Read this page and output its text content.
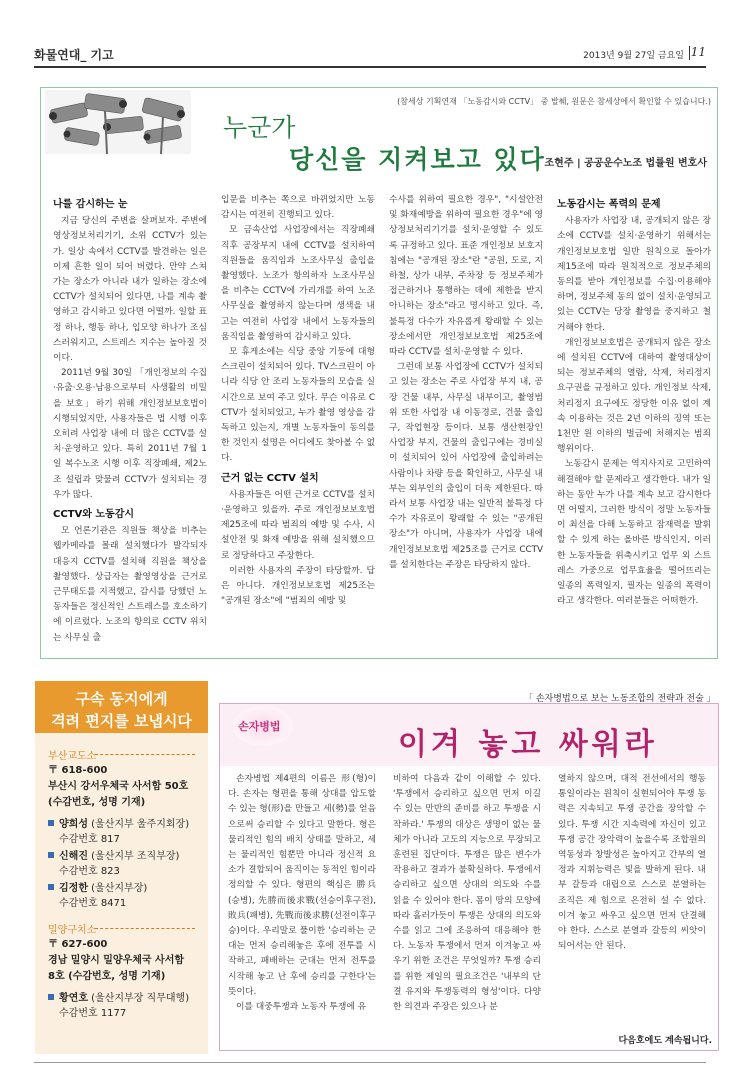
화물연대_ 기고	2013년 9월 27일 금요일 11
(참세상 기획연재 「노동감시와 CCTV」 중 발췌, 원문은 참세상에서 확인할 수 있습니다.)
누군가
당신을 지켜보고 있다
조현주 | 공공운수노조 법률원 변호사
나를 감시하는 눈

지금 당신의 주변을 살펴보자. 주변에 영상정보처리기기, 소위 CCTV가 있는가. 일상 속에서 CCTV를 발견하는 일은 이제 흔한 일이 되어 버렸다. 만약 스쳐가는 장소가 아니라 내가 일하는 장소에 CCTV가 설치되어 있다면, 나를 계속 촬영하고 감시하고 있다면 어떨까. 일할 표정 하나, 행동 하나, 입모양 하나가 조심스러워지고, 스트레스 지수는 높아질 것이다.

2011년 9월 30일 「개인정보의 수집·유출·오용·남용으로부터 사생활의 비밀을 보호」하기 위해 개인정보보호법이 시행되었지만, 사용자들은 법 시행 이후 오히려 사업장 내에 더 많은 CCTV를 설치·운영하고 있다. 특히 2011년 7월 1일 복수노조 시행 이후 직장폐쇄, 제2노조 설립과 맞물려 CCTV가 설치되는 경우가 많다.

CCTV와 노동감시

모 언론기관은 직원들 책상을 비추는 웹카메라를 몰래 설치했다가 발각되자 대응지 CCTV를 설치해 직원을 책상을 촬영했다. 상급자는 촬영영상을 근거로 근무태도를 지적했고, 감시를 당했던 노동자들은 정신적인 스트레스를 호소하기에 이르렀다. 노조의 항의로 CCTV 위치는 사무실 출

입문을 비추는 쪽으로 바뀌었지만 노동감시는 여전히 진행되고 있다.

모 금속산업 사업장에서는 직장폐쇄 직후 공장부지 내에 CCTV를 설치하여 직원들을 움직임과 노조사무실 출입을 촬영했다. 노조가 항의하자 노조사무실을 비추는 CCTV에 가리개를 하여 노조사무실을 촬영하지 않는다며 생색을 내고는 여전히 사업장 내에서 노동자들의 움직임을 촬영하여 감시하고 있다.

모 휴게소에는 식당 중앙 기둥에 대형 스크린이 설치되어 있다. TV스크린이 아니라 식당 안 조리 노동자들의 모습을 실시간으로 보여 주고 있다. 무슨 이유로 CCTV가 설치되었고, 누가 촬영 영상을 감독하고 있는지, 개별 노동자들이 동의를 한 것인지 설명은 어디에도 찾아볼 수 없다.

근거 없는 CCTV 설치

사용자들은 어떤 근거로 CCTV를 설치·운영하고 있을까. 주로 개인정보보호법 제25조에 따라 범죄의 예방 및 수사, 시설안전 및 화재 예방을 위해 설치했으므로 정당하다고 주장한다.

이러한 사용자의 주장이 타당할까. 답은 아니다. 개인정보보호법 제25조는 "공개된 장소"에 "범죄의 예방 및

수사를 위하여 필요한 경우", "시설안전 및 화재예방을 위하여 필요한 경우"에 영상정보처리기기를 설치·운영할 수 있도록 규정하고 있다. 표준 개인정보 보호지침에는 "공개된 장소"란 "공원, 도로, 지하철, 상가 내부, 주차장 등 정보주체가 접근하거나 통행하는 데에 제한을 받지 아니하는 장소"라고 명시하고 있다. 즉, 불특정 다수가 자유롭게 왕래할 수 있는 장소에서만 개인정보보호법 제25조에 따라 CCTV를 설치·운영할 수 있다.

그런데 보통 사업장에 CCTV가 설치되고 있는 장소는 주로 사업장 부지 내, 공장 건물 내부, 사무실 내부이고, 촬영범위 또한 사업장 내 이동경로, 건물 출입구, 작업현장 등이다. 보통 생산현장인 사업장 부지, 건물의 출입구에는 경비실이 설치되어 있어 사업장에 출입하려는 사람이나 차량 등을 확인하고, 사무실 내부는 외부인의 출입이 더욱 제한된다. 따라서 보통 사업장 내는 일반적 불특정 다수가 자유로이 왕래할 수 있는 "공개된 장소"가 아니며, 사용자가 사업장 내에 개인정보보호법 제25조를 근거로 CCTV를 설치한다는 주장은 타당하지 않다.

노동감시는 폭력의 문제

사용자가 사업장 내, 공개되지 않은 장소에 CCTV를 설치·운영하기 위해서는 개인정보보호법 일반 원칙으로 돌아가 제15조에 따라 원칙적으로 정보주체의 동의를 받아 개인정보를 수집·이용해야 하며, 정보주체 동의 없이 설치·운영되고 있는 CCTV는 당장 촬영을 중지하고 철거해야 한다.

개인정보보호법은 공개되지 않은 장소에 설치된 CCTV에 대하여 촬영대상이 되는 정보주체의 열람, 삭제, 처리정지 요구권을 규정하고 있다. 개인정보 삭제, 처리정지 요구에도 정당한 이유 없이 계속 이용하는 것은 2년 이하의 징역 또는 1천만 원 이하의 벌금에 처해지는 범죄행위이다.

노동감시 문제는 역지사지로 고민하여 해결해야 할 문제라고 생각한다. 내가 일하는 동안 누가 나를 계속 보고 감시한다면 어떨지, 그러한 방식이 정말 노동자들이 최선을 다해 노동하고 잠재력을 발휘할 수 있게 하는 올바른 방식인지, 이러한 노동자들을 위축시키고 업무 외 스트레스 가중으로 업무효율을 떨어뜨리는 일종의 폭력일지, 필자는 일종의 폭력이라고 생각한다. 여러분들은 어떠한가.

구속 동지에게
격려 편지를 보냅시다
부산교도소
〒 618-600
부산시 강서우체국 사서함 50호
(수감번호, 성명 기재)
양희성 (울산지부 울주지회장)
수감번호 817
신해진 (울산지부 조직부장)
수감번호 823
김정한 (울산지부장)
수감번호 8471
밀양구치소
〒 627-600
경남 밀양시 밀양우체국 사서함
8호 (수감번호, 성명 기재)
황연호 (울산지부장 직무대행)
수감번호 1177
「 손자병법으로 보는 노동조합의 전략과 전술 」
손자병법
이겨 놓고 싸워라

손자병법 제4편의 이름은 形(형)이다. 손자는 형편을 통해 상대를 압도할 수 있는 형(形)을 만들고 세(勢)를 얻음으로써 승리할 수 있다고 말한다. 형은 물리적인 힘의 배치 상태를 말하고, 세는 물리적인 힘뿐만 아니라 정신적 요소가 결합되어 움직이는 동적인 힘이라 정의할 수 있다. 형편의 핵심은 勝兵(승병), 先勝而後求戰(선승이후구전), 敗兵(패병), 先戰而後求勝(선전이후구승)이다. 우리말로 풀이한 '승리하는 군대는 먼저 승리해놓은 후에 전투를 시작하고, 패배하는 군대는 먼저 전투를 시작해 놓고 난 후에 승리를 구한다'는 뜻이다.

이를 대중투쟁과 노동자 투쟁에 유

비하여 다음과 같이 이해할 수 있다. '투쟁에서 승리하고 싶으면 먼저 이길 수 있는 만반의 준비를 하고 투쟁을 시작하라.' 투쟁의 대상은 생명이 없는 물체가 아니라 고도의 지능으로 무장되고 훈련된 집단이다. 투쟁은 많은 변수가 작용하고 결과가 불확실하다. 투쟁에서 승리하고 싶으면 상대의 의도와 수를 읽을 수 있어야 한다. 몸이 땅의 모양에 따라 흘러가듯이 투쟁은 상대의 의도와 수를 읽고 그에 조응하여 대응해야 한다. 노동자 투쟁에서 먼저 이겨놓고 싸우기 위한 조건은 무엇일까? 투쟁 승리를 위한 제일의 필요조건은 '내부의 단결 유지와 투쟁동력의 형성'이다. 다양한 의견과 주장은 있으나 분

열하지 않으며, 대적 전선에서의 행동통일이라는 원칙이 실현되어야 투쟁 동력은 지속되고 투쟁 공간을 장악할 수 있다. 투쟁 시간 지속력에 자신이 있고 투쟁 공간 장악력이 높을수록 조합원의 역동성과 창발성은 높아지고 간부의 열정과 지휘능력은 빛을 발하게 된다. 내부 갈등과 대립으로 스스로 분열하는 조직은 제 힘으로 온전히 설 수 없다. 이겨 놓고 싸우고 싶으면 먼저 단결해야 한다. 스스로 분열과 갈등의 씨앗이 되어서는 안 된다.

다음호에도 계속됩니다.
